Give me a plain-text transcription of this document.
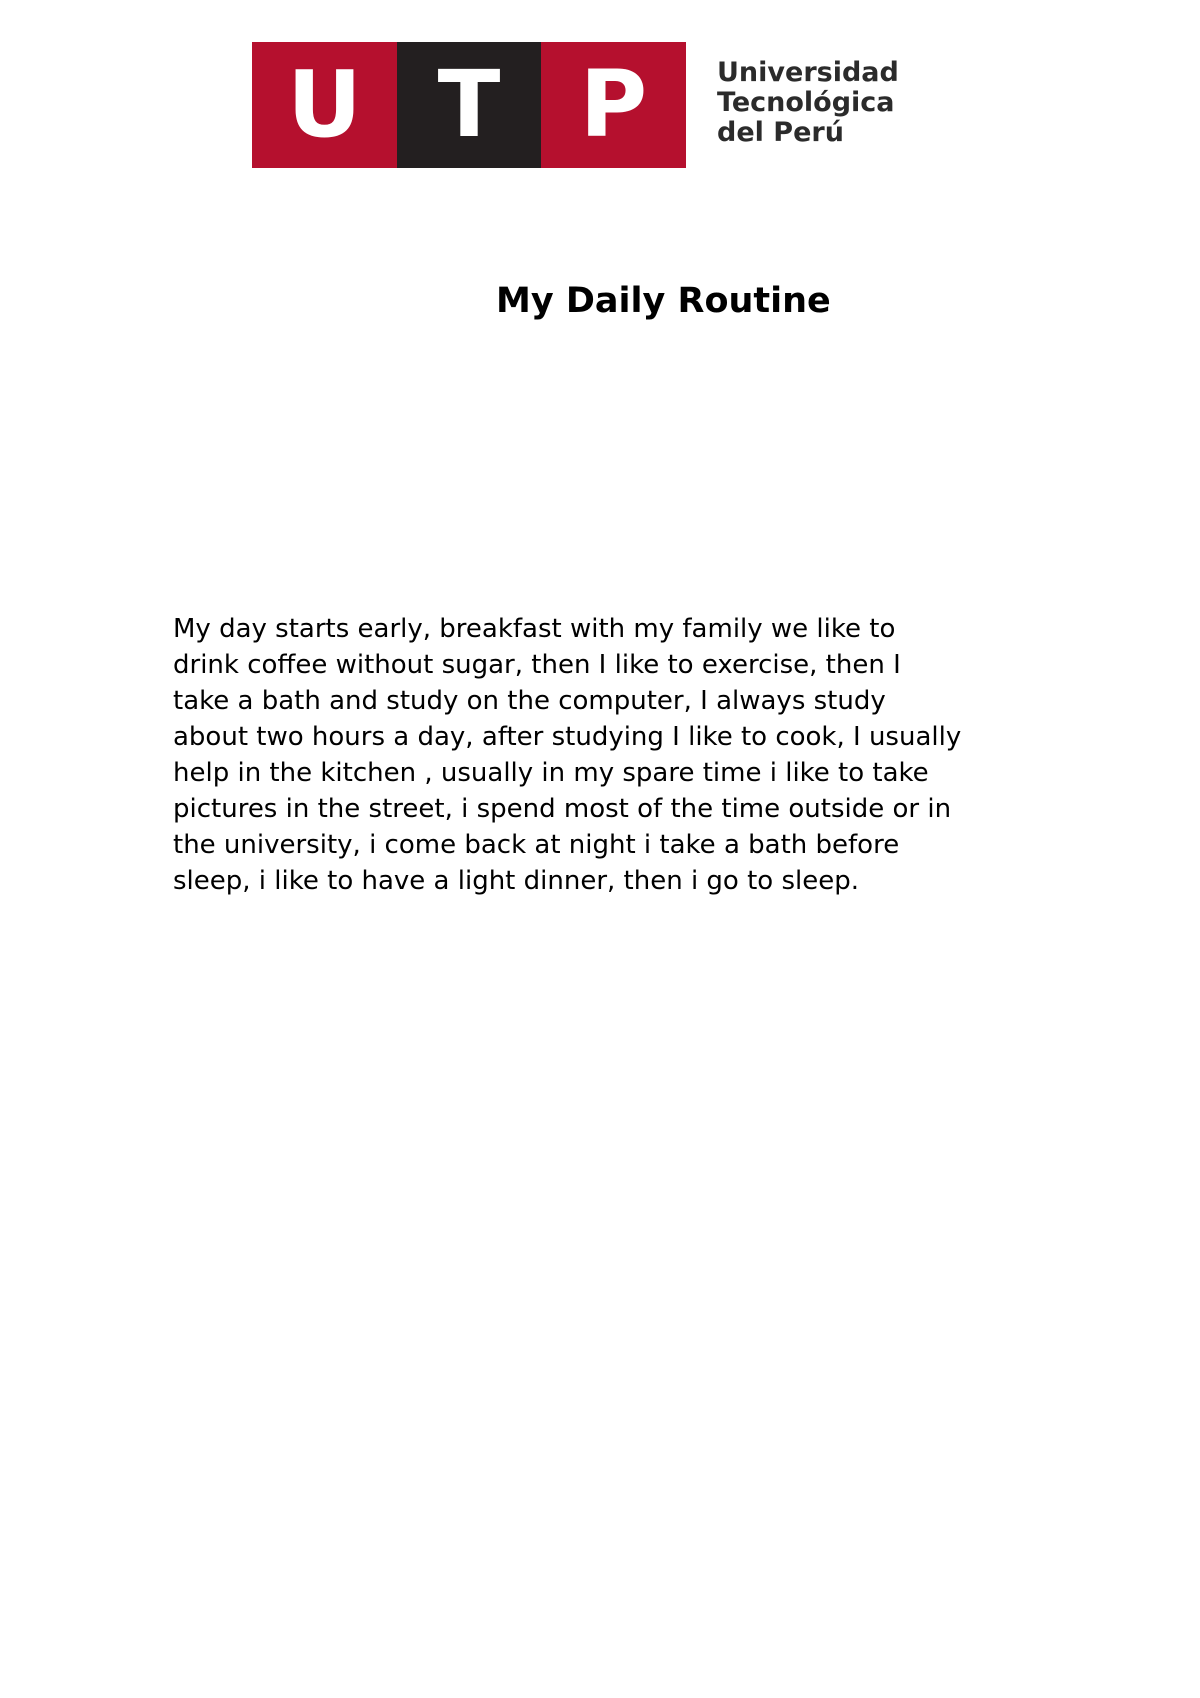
U T P	Universidad
Tecnológica
del Perú
My Daily Routine
My day starts early, breakfast with my family we like to
drink coffee without sugar, then I like to exercise, then I
take a bath and study on the computer, I always study
about two hours a day, after studying I like to cook, I usually
help in the kitchen , usually in my spare time i like to take
pictures in the street, i spend most of the time outside or in
the university, i come back at night i take a bath before
sleep, i like to have a light dinner, then i go to sleep.
